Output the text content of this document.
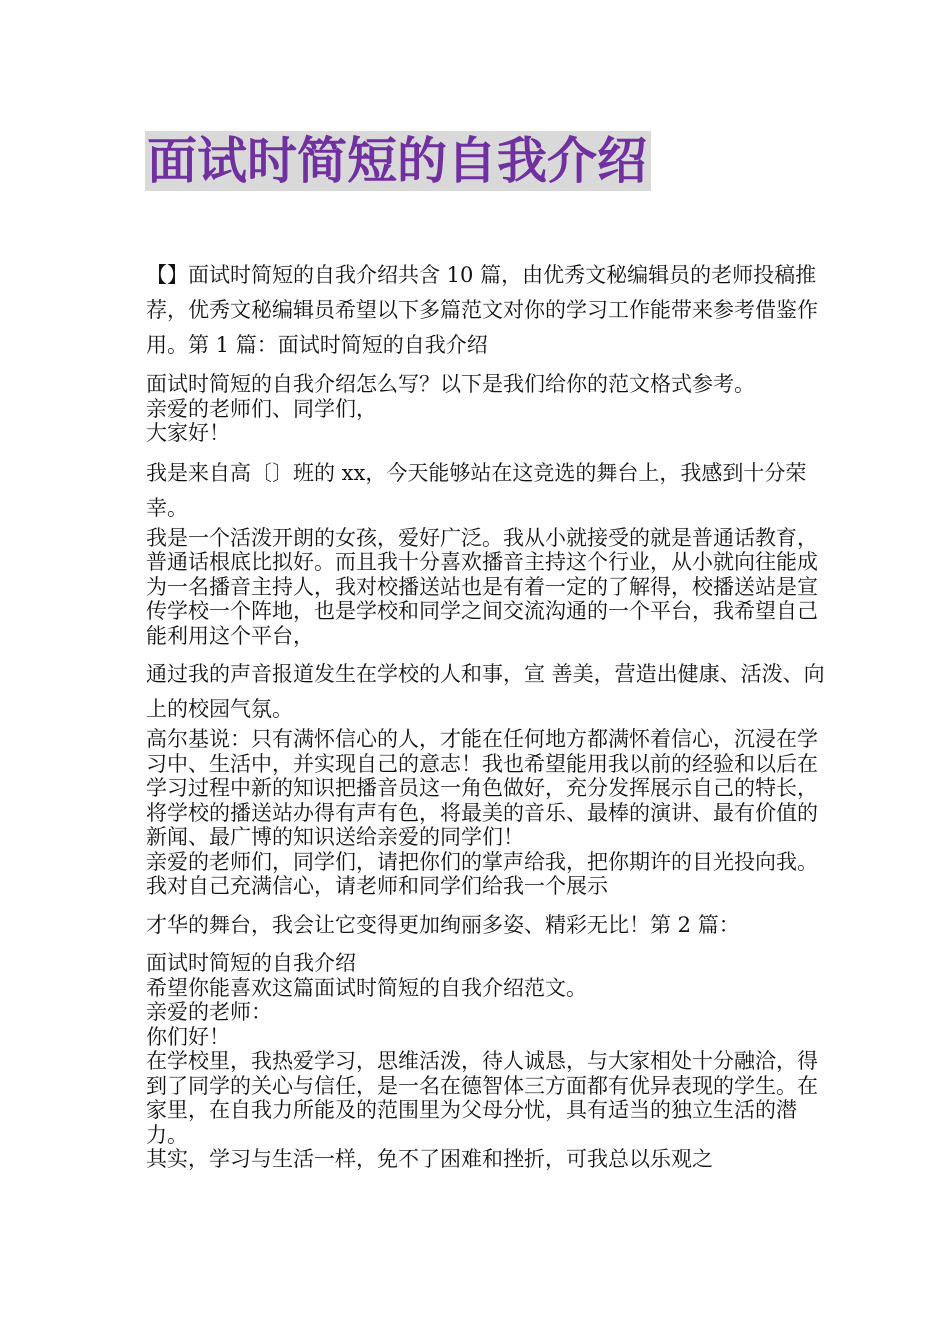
面试时简短的自我介绍

【】面试时简短的自我介绍共含 10 篇，由优秀文秘编辑员的老师投稿推荐，优秀文秘编辑员希望以下多篇范文对你的学习工作能带来参考借鉴作用。第 1 篇：面试时简短的自我介绍

面试时简短的自我介绍怎么写？以下是我们给你的范文格式参考。

亲爱的老师们、同学们，

大家好！

我是来自高〔〕班的 xx，今天能够站在这竞选的舞台上，我感到十分荣幸。

我是一个活泼开朗的女孩，爱好广泛。我从小就接受的就是普通话教育，普通话根底比拟好。而且我十分喜欢播音主持这个行业，从小就向往能成为一名播音主持人，我对校播送站也是有着一定的了解得，校播送站是宣传学校一个阵地，也是学校和同学之间交流沟通的一个平台，我希望自己能利用这个平台，

通过我的声音报道发生在学校的人和事，宣 善美，营造出健康、活泼、向上的校园气氛。

高尔基说：只有满怀信心的人，才能在任何地方都满怀着信心，沉浸在学习中、生活中，并实现自己的意志！我也希望能用我以前的经验和以后在学习过程中新的知识把播音员这一角色做好，充分发挥展示自己的特长，将学校的播送站办得有声有色，将最美的音乐、最棒的演讲、最有价值的新闻、最广博的知识送给亲爱的同学们！

亲爱的老师们，同学们，请把你们的掌声给我，把你期许的目光投向我。我对自己充满信心，请老师和同学们给我一个展示

才华的舞台，我会让它变得更加绚丽多姿、精彩无比！第 2 篇：

面试时简短的自我介绍

希望你能喜欢这篇面试时简短的自我介绍范文。

亲爱的老师：

你们好！

在学校里，我热爱学习，思维活泼，待人诚恳，与大家相处十分融洽，得到了同学的关心与信任，是一名在德智体三方面都有优异表现的学生。在家里，在自我力所能及的范围里为父母分忧，具有适当的独立生活的潜力。

其实，学习与生活一样，免不了困难和挫折，可我总以乐观之
